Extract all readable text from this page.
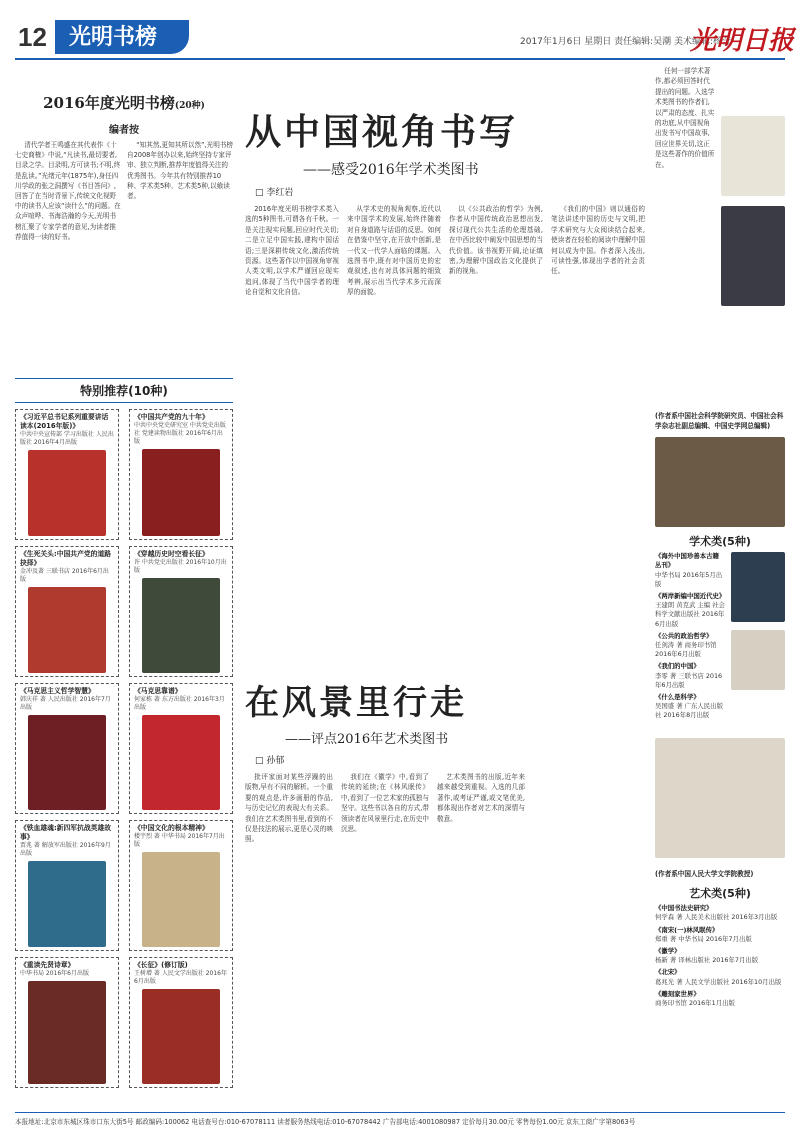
12	光明书榜	2017年1月6日 星期日 责任编辑:吴潮 美术编辑:杨莹
光明日报
2016年度光明书榜(20种)
编者按

清代学者王鸣盛在其代表作《十七史商榷》中说,“凡读书,最切要者,目录之学。目录明,方可读书;不明,终是乱读。”光绪元年(1875年),身任四川学政的张之洞撰写《书目答问》,回答了在当时背景下,传统文化视野中的读书人应该“读什么”的问题。在众声喧哗、书海浩瀚的今天,光明书榜汇聚了专家学者的意见,为读者推荐值得一读的好书。

“知其然,更知其所以然”,光明书榜自2008年创办以来,始终坚持专家评审、独立判断,推荐年度值得关注的优秀图书。今年共有特别推荐10种、学术类5种、艺术类5种,以飨读者。

特别推荐(10种)
《习近平总书记系列重要讲话读本(2016年版)》
中共中央宣传部 学习出版社 人民出版社 2016年4月出版
《中国共产党的九十年》
中共中央党史研究室 中共党史出版社 党建读物出版社 2016年6月出版
《生死关头:中国共产党的道路抉择》
金冲及著 三联书店 2016年6月出版
《穿越历史时空看长征》
许 中共党史出版社 2016年10月出版
《马克思主义哲学智慧》
韩庆祥 著 人民出版社 2016年7月出版
《马克思靠谱》
何家栋 著 东方出版社 2016年3月出版
《铁血雄魂:新四军抗战英雄故事》
贾兆 著 解放军出版社 2016年9月出版
《中国文化的根本精神》
楼宇烈 著 中华书局 2016年7月出版
《重读先贤诗章》
中华书局 2016年6月出版
《长征》(修订版)
王树增 著 人民文学出版社 2016年6月出版
从中国视角书写
——感受2016年学术类图书
□ 李红岩
2016年度光明书榜学术类入选的5种图书,可谓各有千秋。一是关注现实问题,回应时代关切;二是立足中国实践,建构中国话语;三是深耕传统文化,激活传统资源。这些著作以中国视角审视人类文明,以学术严谨回应现实追问,体现了当代中国学者的理论自觉和文化自信。
从学术史的视角观察,近代以来中国学术的发展,始终伴随着对自身道路与话语的反思。如何在借鉴中坚守,在开放中创新,是一代又一代学人面临的课题。入选图书中,既有对中国历史的宏观叙述,也有对具体问题的细致考辨,展示出当代学术多元而深厚的面貌。
以《公共政治的哲学》为例,作者从中国传统政治思想出发,探讨现代公共生活的伦理基础,在中西比较中阐发中国思想的当代价值。该书视野开阔,论证缜密,为理解中国政治文化提供了新的视角。
《我们的中国》则以通俗的笔法讲述中国的历史与文明,把学术研究与大众阅读结合起来,使读者在轻松的阅读中理解中国何以成为中国。作者深入浅出,可读性强,体现出学者的社会责任。
任何一部学术著作,都必须回答时代提出的问题。入选学术类图书的作者们,以严肃的态度、扎实的功底,从中国视角出发书写中国故事,回应世界关切,这正是这些著作的价值所在。
(作者系中国社会科学院研究员、中国社会科学杂志社副总编辑、中国史学网总编辑)
学术类(5种)
《海外中国珍善本古籍丛刊》
中华书局 2016年5月出版
《两岸新编中国近代史》
王建朗 黄克武 主编 社会科学文献出版社 2016年6月出版
《公共的政治哲学》
任剑涛 著 商务印书馆 2016年6月出版
《我们的中国》
李零 著 三联书店 2016年6月出版
《什么是科学》
吴国盛 著 广东人民出版社 2016年8月出版
(作者系中国人民大学文学院教授)
艺术类(5种)
《中国书法史研究》
何学森 著 人民美术出版社 2016年3月出版
《南宋(一)林风眠传》
郑重 著 中华书局 2016年7月出版
《徽学》
杨新 著 译林出版社 2016年7月出版
《北宋》
葛兆光 著 人民文学出版社 2016年10月出版
《雕刻家世界》
商务印书馆 2016年1月出版
在风景里行走
——评点2016年艺术类图书
□ 孙郁
批评家面对某些浮躁的出版物,早有不同的解析。一个重要的观点是,许多画册的作品,与历史记忆的表现大有关系。我们在艺术类图书里,看到的不仅是技法的展示,更是心灵的映照。
我们在《徽学》中,看到了传统的延续;在《林风眠传》中,看到了一位艺术家的孤独与坚守。这些书以各自的方式,带领读者在风景里行走,在历史中沉思。
艺术类图书的出版,近年来越来越受到重视。入选的几部著作,或考证严谨,或文笔优美,都体现出作者对艺术的深情与敬意。
本报地址:北京市东城区珠市口东大街5号 邮政编码:100062 电话查号台:010-67078111 读者服务热线电话:010-67078442 广告部电话:4001080987 定价每月30.00元 零售每份1.00元 京东工商广字第8063号
